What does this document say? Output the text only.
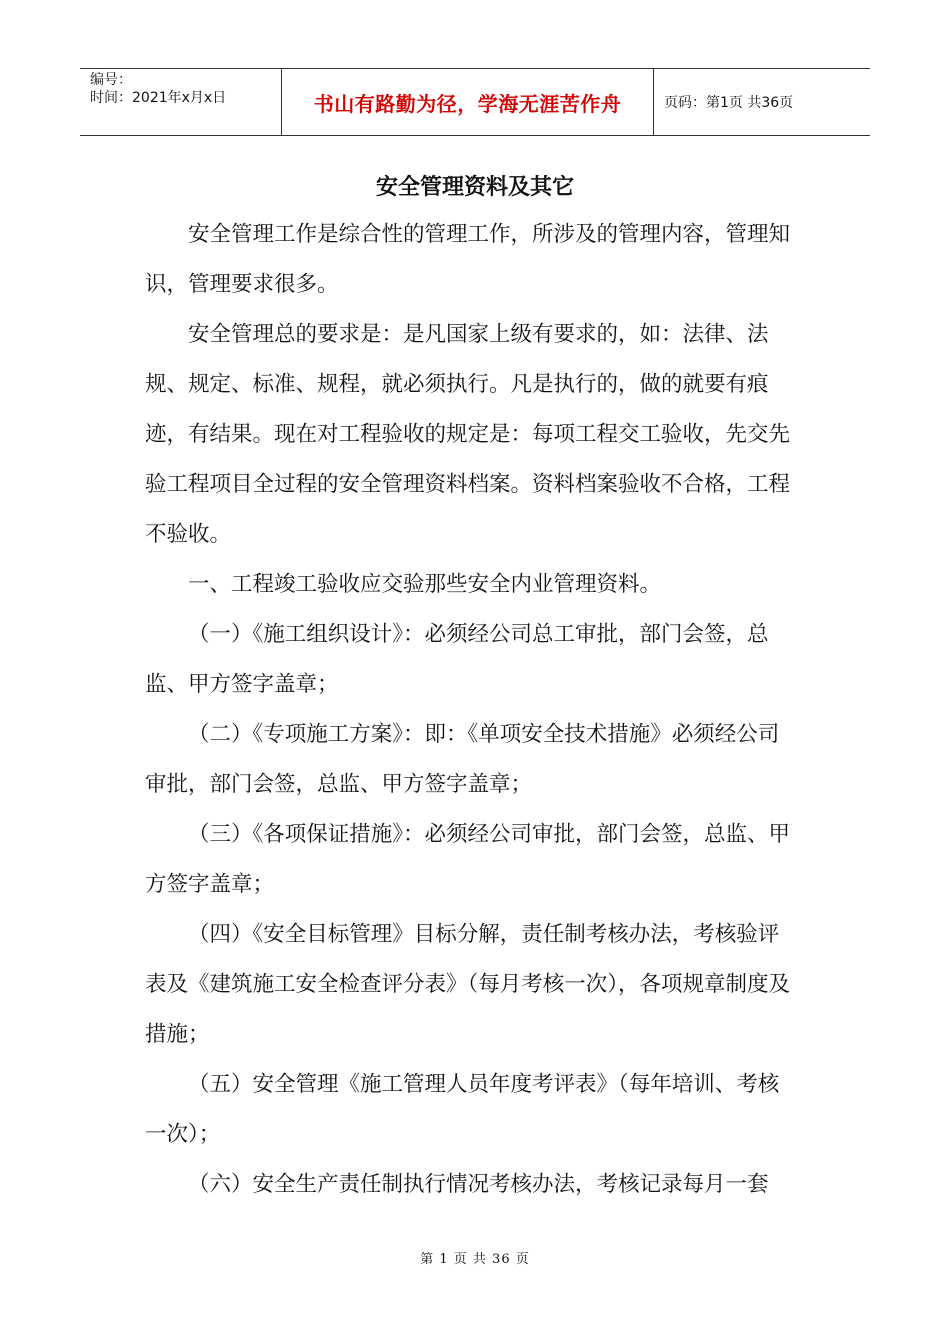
编号：
时间：2021年x月x日	书山有路勤为径，学海无涯苦作舟	页码：第1页 共36页
安全管理资料及其它

安全管理工作是综合性的管理工作，所涉及的管理内容，管理知识，管理要求很多。

安全管理总的要求是：是凡国家上级有要求的，如：法律、法规、规定、标准、规程，就必须执行。凡是执行的，做的就要有痕迹，有结果。现在对工程验收的规定是：每项工程交工验收，先交先验工程项目全过程的安全管理资料档案。资料档案验收不合格，工程不验收。

一、工程竣工验收应交验那些安全内业管理资料。

（一）《施工组织设计》：必须经公司总工审批，部门会签，总监、甲方签字盖章；

（二）《专项施工方案》：即：《单项安全技术措施》必须经公司审批，部门会签，总监、甲方签字盖章；

（三）《各项保证措施》：必须经公司审批，部门会签，总监、甲方签字盖章；

（四）《安全目标管理》目标分解，责任制考核办法，考核验评表及《建筑施工安全检查评分表》（每月考核一次），各项规章制度及措施；

（五）安全管理《施工管理人员年度考评表》（每年培训、考核一次）；

（六）安全生产责任制执行情况考核办法，考核记录每月一套

第 1 页 共 36 页
